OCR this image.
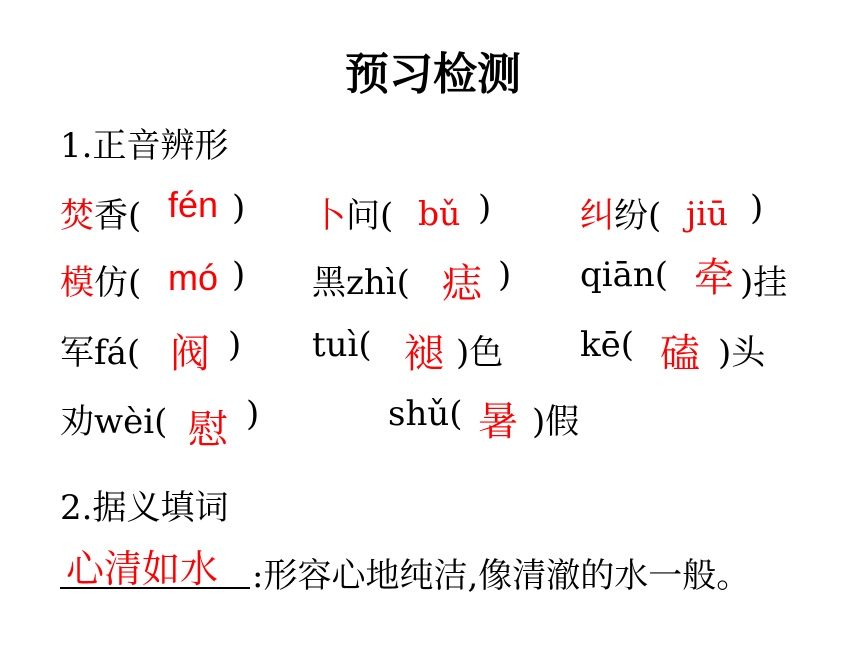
预习检测
1.正音辨形
焚香( fén ) 卜问( bǔ )	纠纷( jiū )
模仿( mó ) 黑zhì( 痣 ) qiān( 牵 )挂
军fá( 阀 ) tuì( 褪 )色 kē( 磕 )头
劝wèi( 慰 )	shǔ( 暑 )假
2.据义填词
心清如水 :形容心地纯洁,像清澈的水一般。
